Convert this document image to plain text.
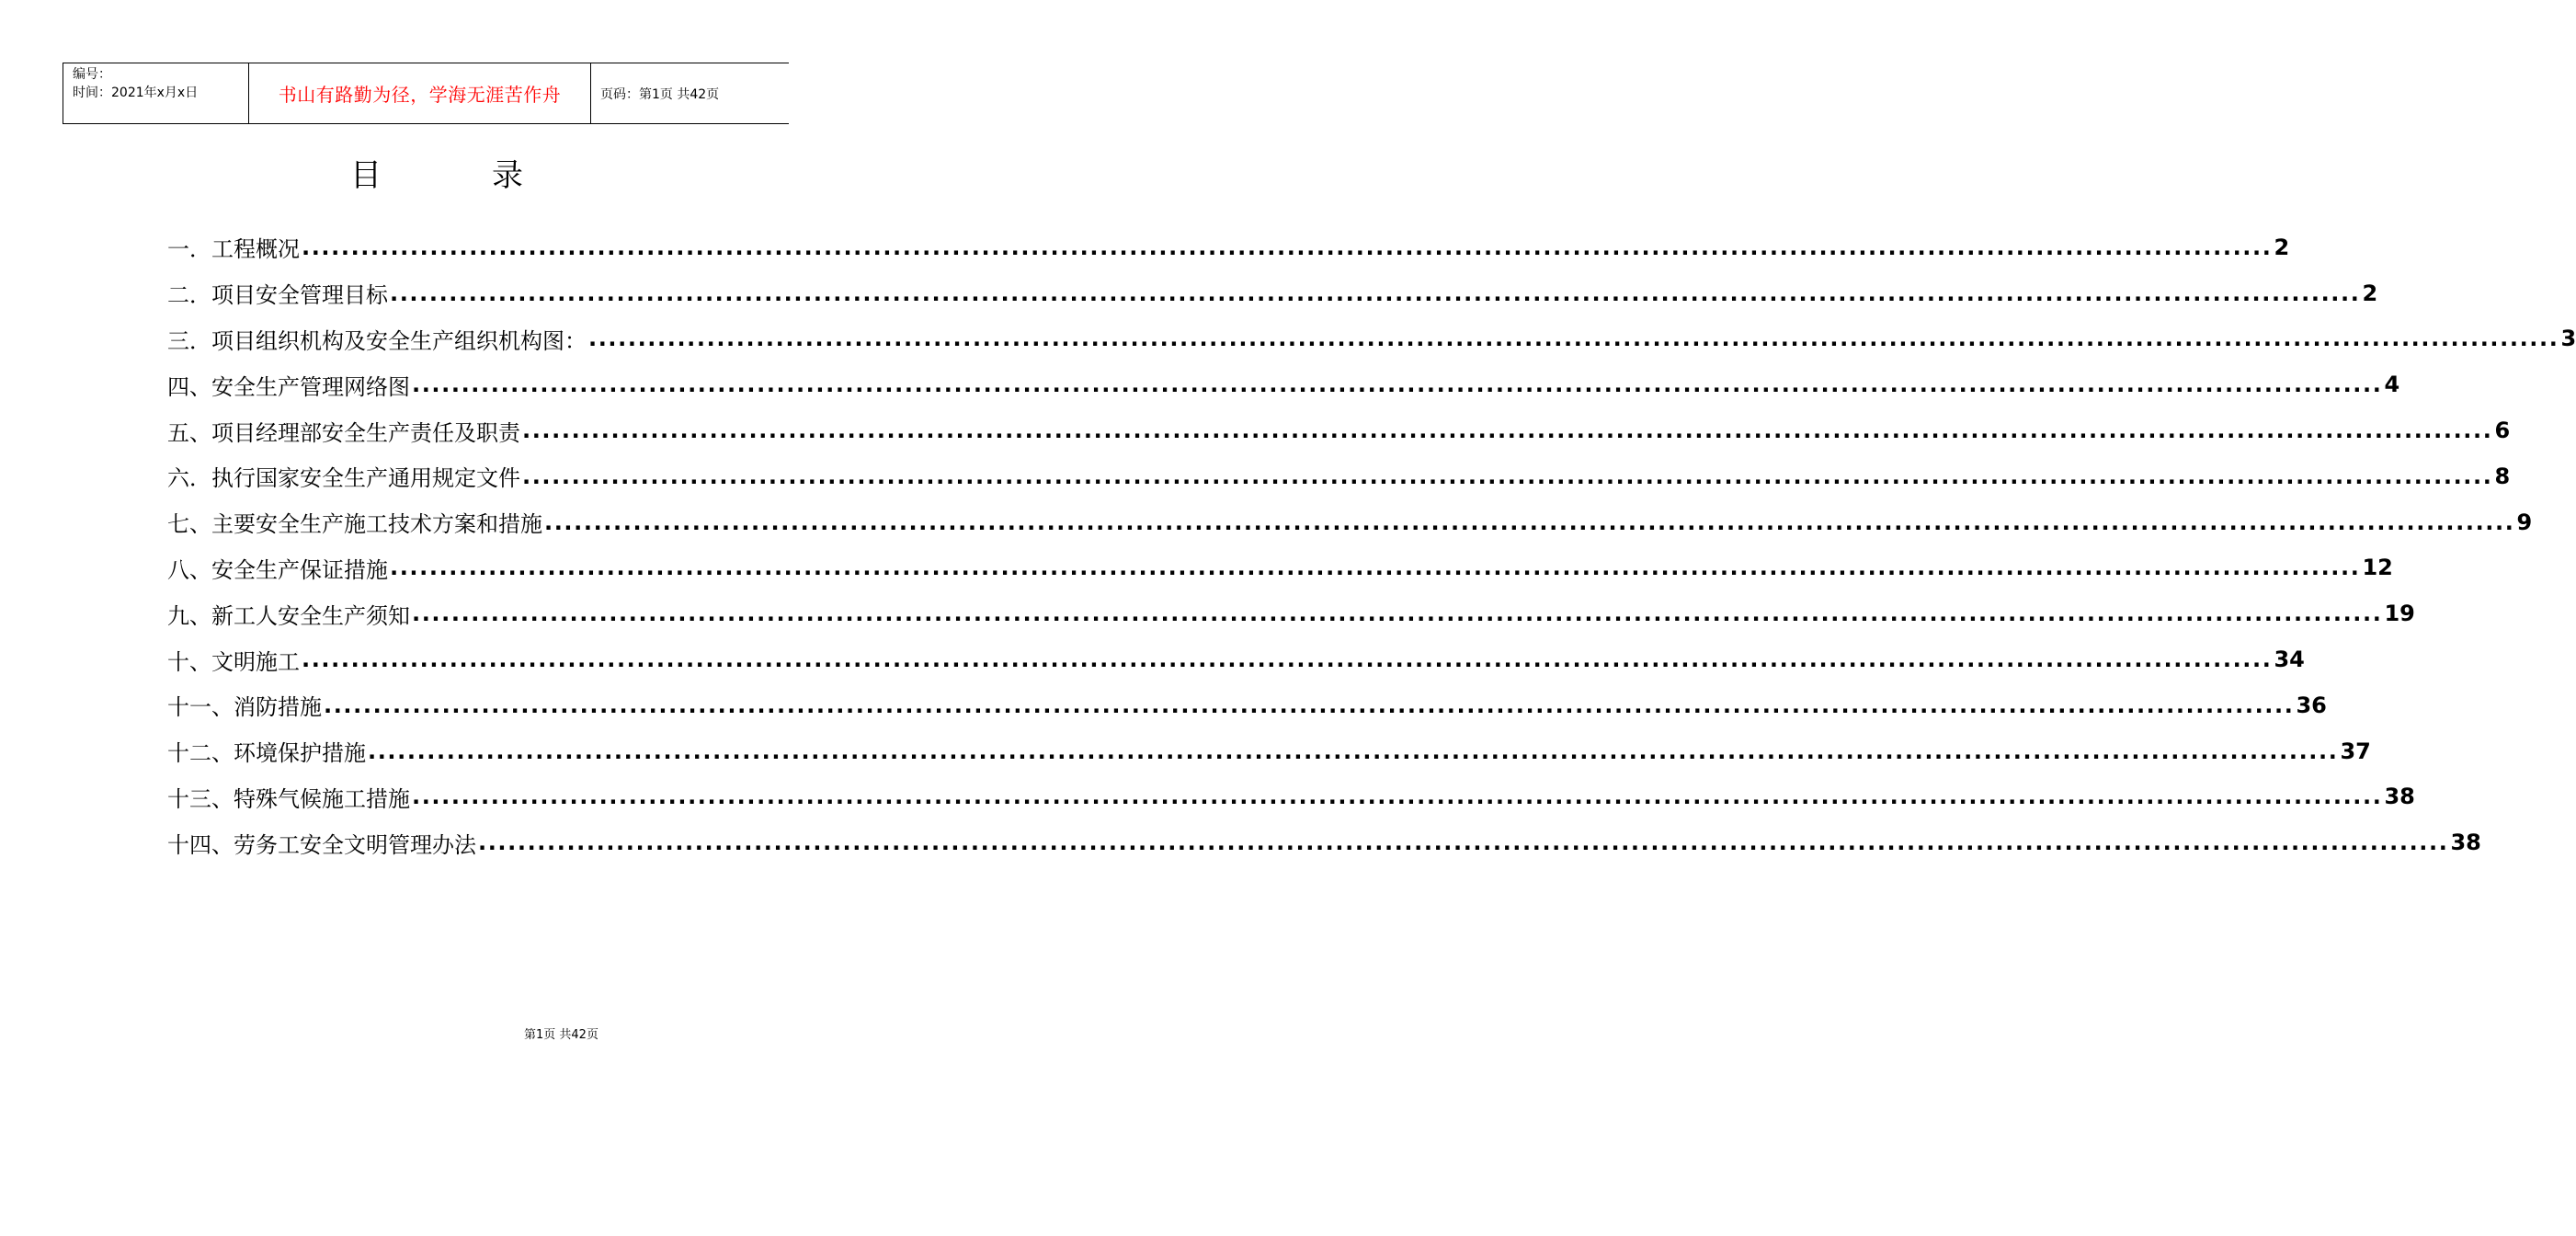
编号：
时间：2021年x月x日	书山有路勤为径，学海无涯苦作舟	页码：第1页 共42页
目	录
一．工程概况 ........................................................................................................................................................................................................ 2
二．项目安全管理目标 ........................................................................................................................................................................................................ 2
三．项目组织机构及安全生产组织机构图： ........................................................................................................................................................................................................ 3
四、安全生产管理网络图 ........................................................................................................................................................................................................ 4
五、项目经理部安全生产责任及职责 ........................................................................................................................................................................................................ 6
六．执行国家安全生产通用规定文件 ........................................................................................................................................................................................................ 8
七、主要安全生产施工技术方案和措施 ........................................................................................................................................................................................................ 9
八、安全生产保证措施 ........................................................................................................................................................................................................ 12
九、新工人安全生产须知 ........................................................................................................................................................................................................ 19
十、文明施工 ........................................................................................................................................................................................................ 34
十一、消防措施 ........................................................................................................................................................................................................ 36
十二、环境保护措施 ........................................................................................................................................................................................................ 37
十三、特殊气候施工措施 ........................................................................................................................................................................................................ 38
十四、劳务工安全文明管理办法 ........................................................................................................................................................................................................ 38
第1页 共42页
